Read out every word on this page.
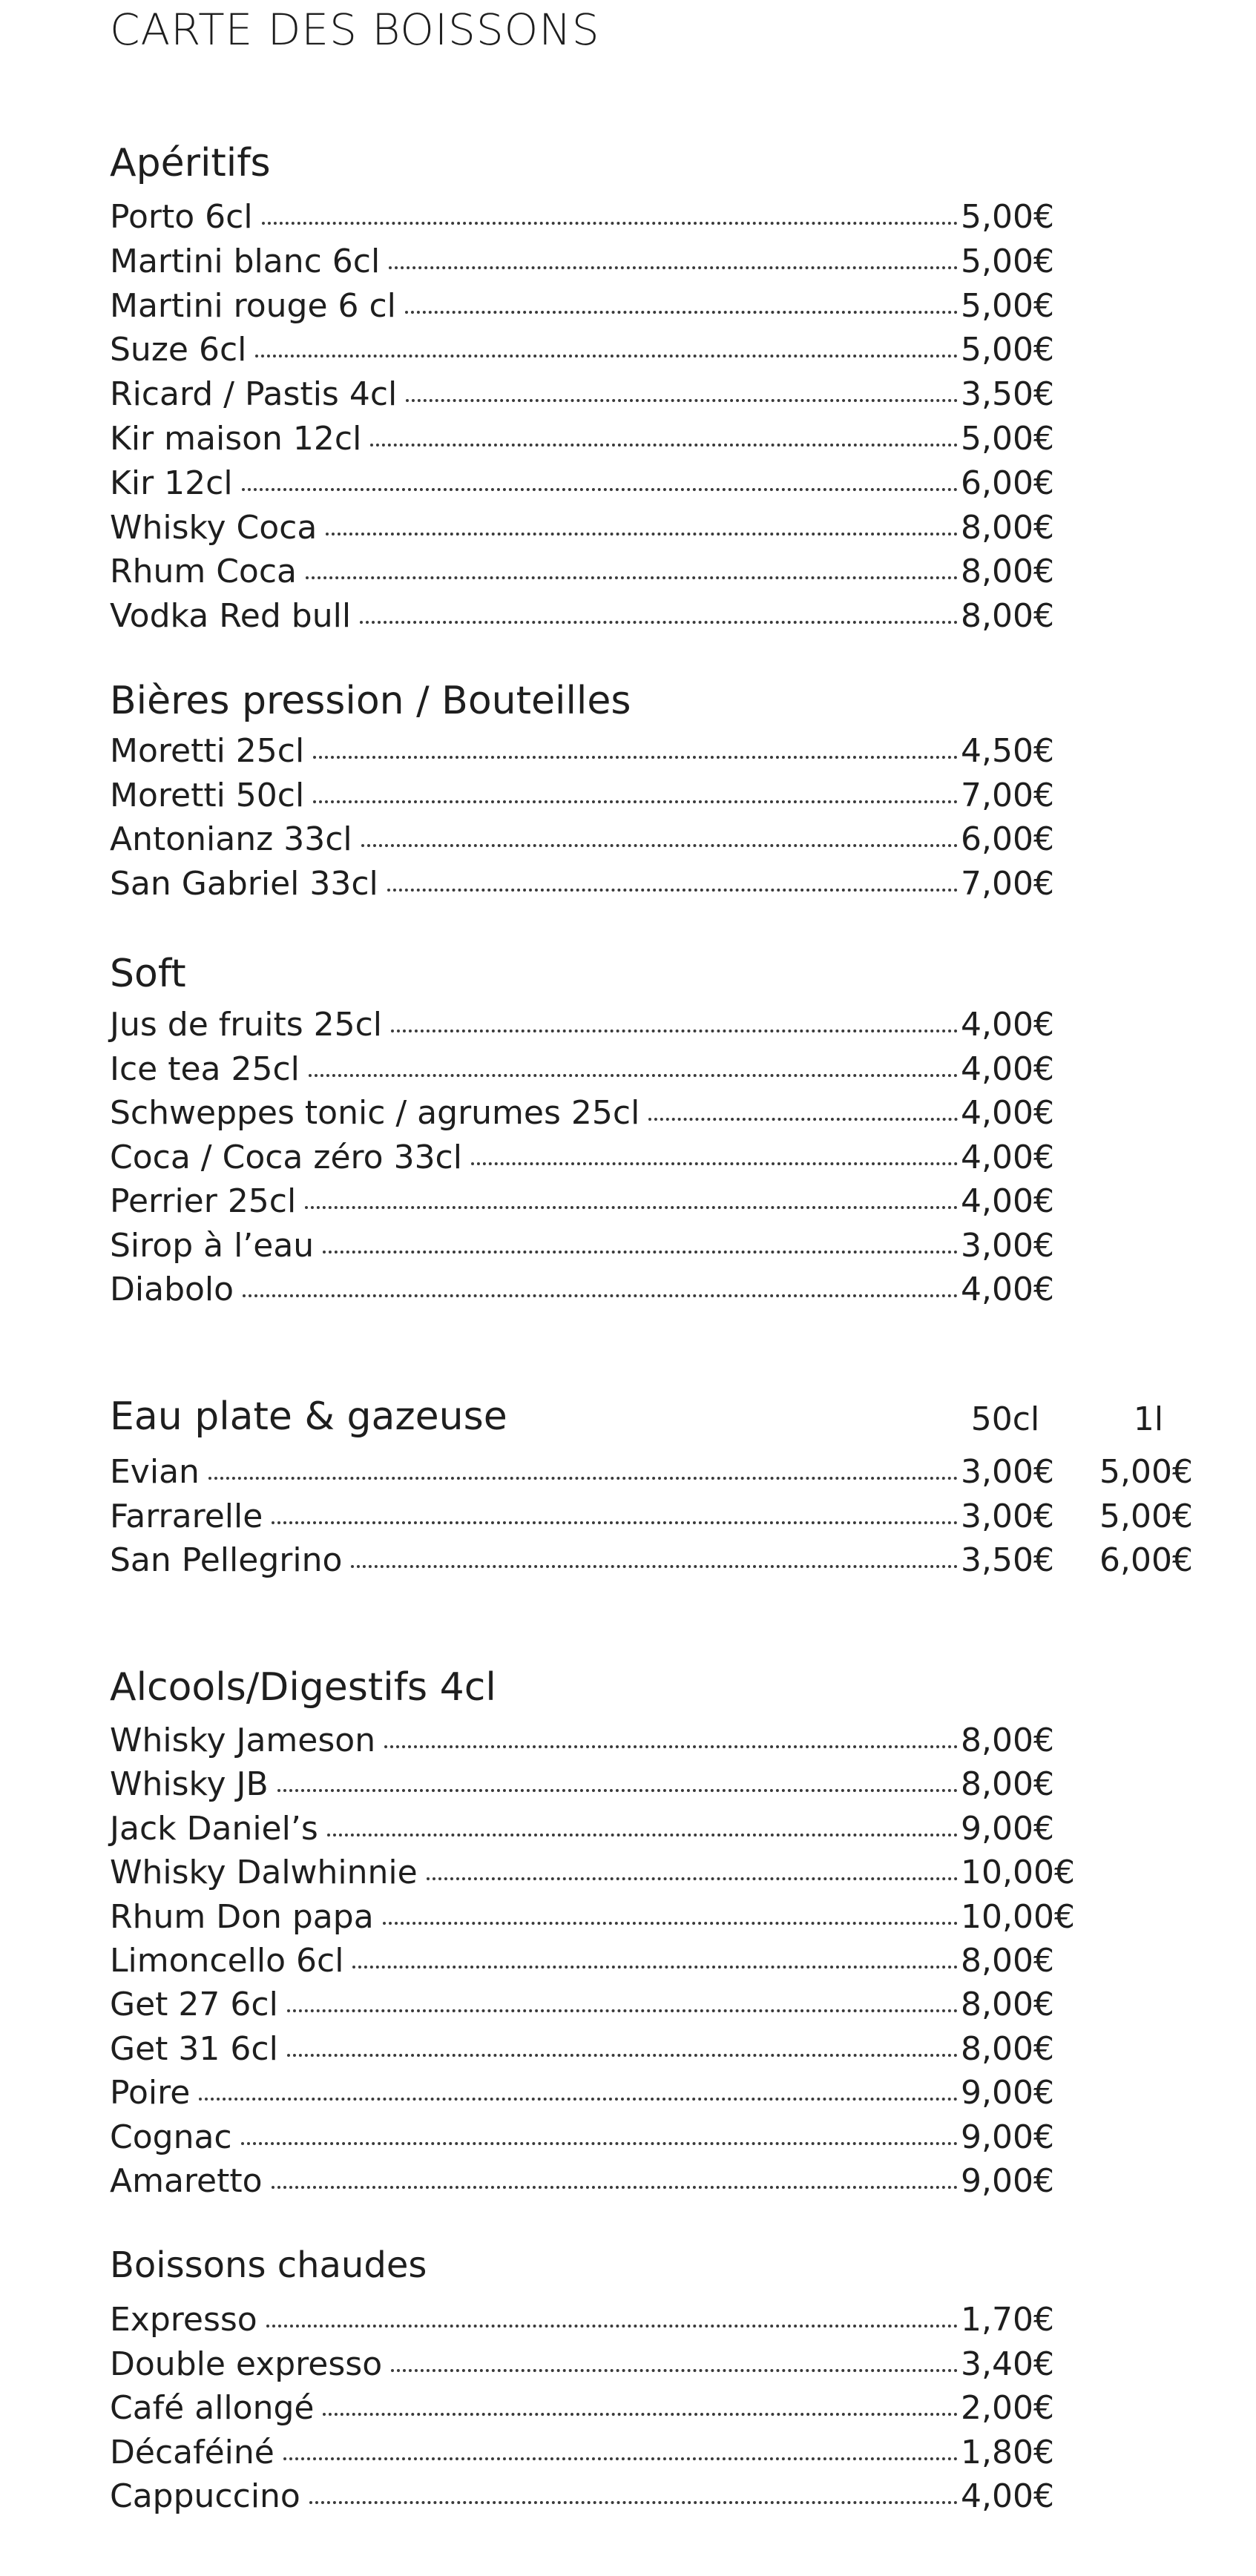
CARTE DES BOISSONS
Apéritifs
Porto 6cl	5,00€
Martini blanc 6cl	5,00€
Martini rouge 6 cl	5,00€
Suze 6cl	5,00€
Ricard / Pastis 4cl	3,50€
Kir maison 12cl	5,00€
Kir 12cl	6,00€
Whisky Coca	8,00€
Rhum Coca	8,00€
Vodka Red bull	8,00€
Bières pression / Bouteilles
Moretti 25cl	4,50€
Moretti 50cl	7,00€
Antonianz 33cl	6,00€
San Gabriel 33cl	7,00€
Soft
Jus de fruits 25cl	4,00€
Ice tea 25cl	4,00€
Schweppes tonic / agrumes 25cl	4,00€
Coca / Coca zéro 33cl	4,00€
Perrier 25cl	4,00€
Sirop à l’eau	3,00€
Diabolo	4,00€
Eau plate & gazeuse	50cl	1l
Evian	3,00€ 5,00€
Farrarelle	3,00€ 5,00€
San Pellegrino	3,50€ 6,00€
Alcools/Digestifs 4cl
Whisky Jameson	8,00€
Whisky JB	8,00€
Jack Daniel’s	9,00€
Whisky Dalwhinnie	10,00€
Rhum Don papa	10,00€
Limoncello 6cl	8,00€
Get 27 6cl	8,00€
Get 31 6cl	8,00€
Poire	9,00€
Cognac	9,00€
Amaretto	9,00€
Boissons chaudes
Expresso	1,70€
Double expresso	3,40€
Café allongé	2,00€
Décaféiné	1,80€
Cappuccino	4,00€
